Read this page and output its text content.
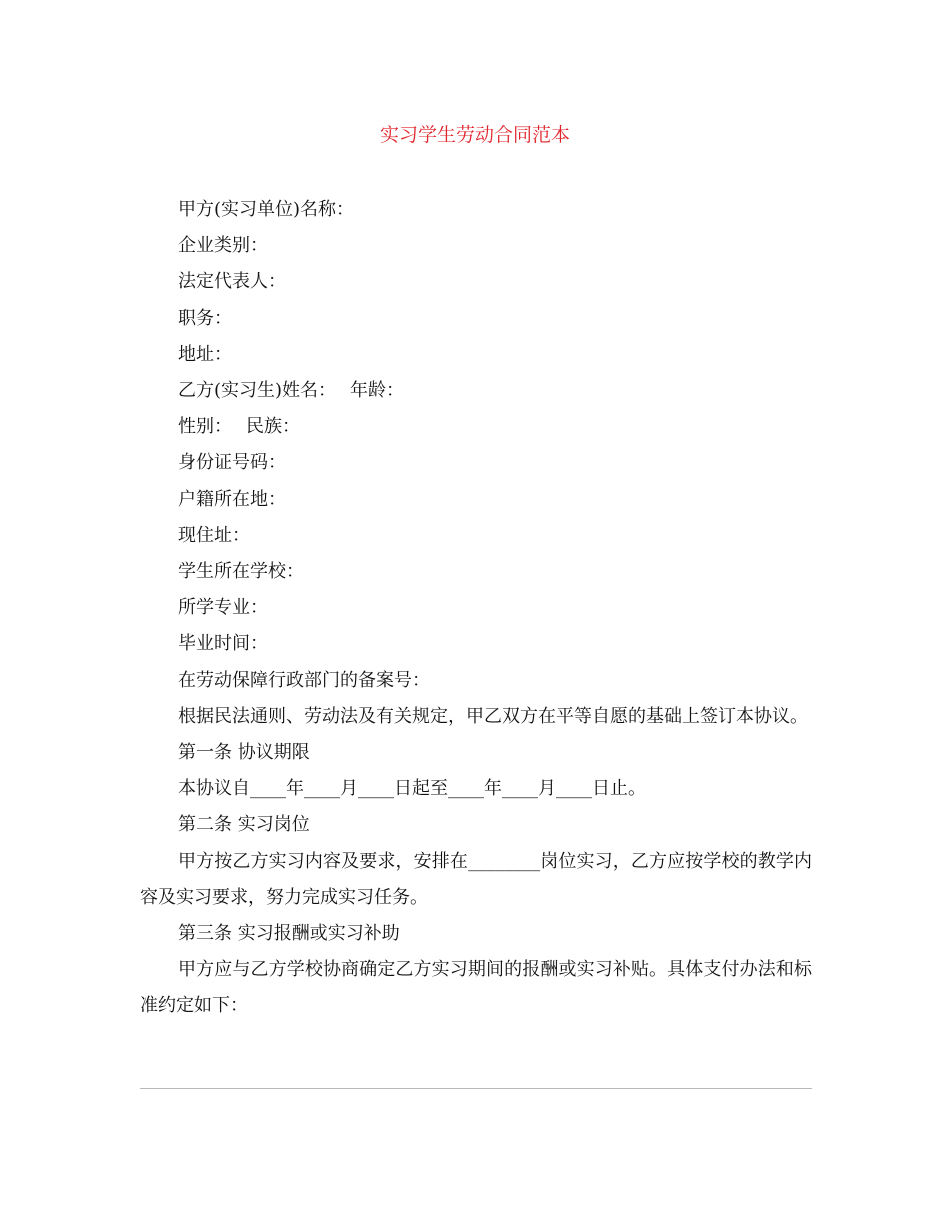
实习学生劳动合同范本
甲方(实习单位)名称：
企业类别：
法定代表人：
职务：
地址：
乙方(实习生)姓名： 年龄：
性别： 民族：
身份证号码：
户籍所在地：
现住址：
学生所在学校：
所学专业：
毕业时间：
在劳动保障行政部门的备案号：
根据民法通则、劳动法及有关规定，甲乙双方在平等自愿的基础上签订本协议。
第一条 协议期限
本协议自____年____月____日起至____年____月____日止。
第二条 实习岗位
甲方按乙方实习内容及要求，安排在________岗位实习，乙方应按学校的教学内容及实习要求，努力完成实习任务。
第三条 实习报酬或实习补助
甲方应与乙方学校协商确定乙方实习期间的报酬或实习补贴。具体支付办法和标准约定如下：
